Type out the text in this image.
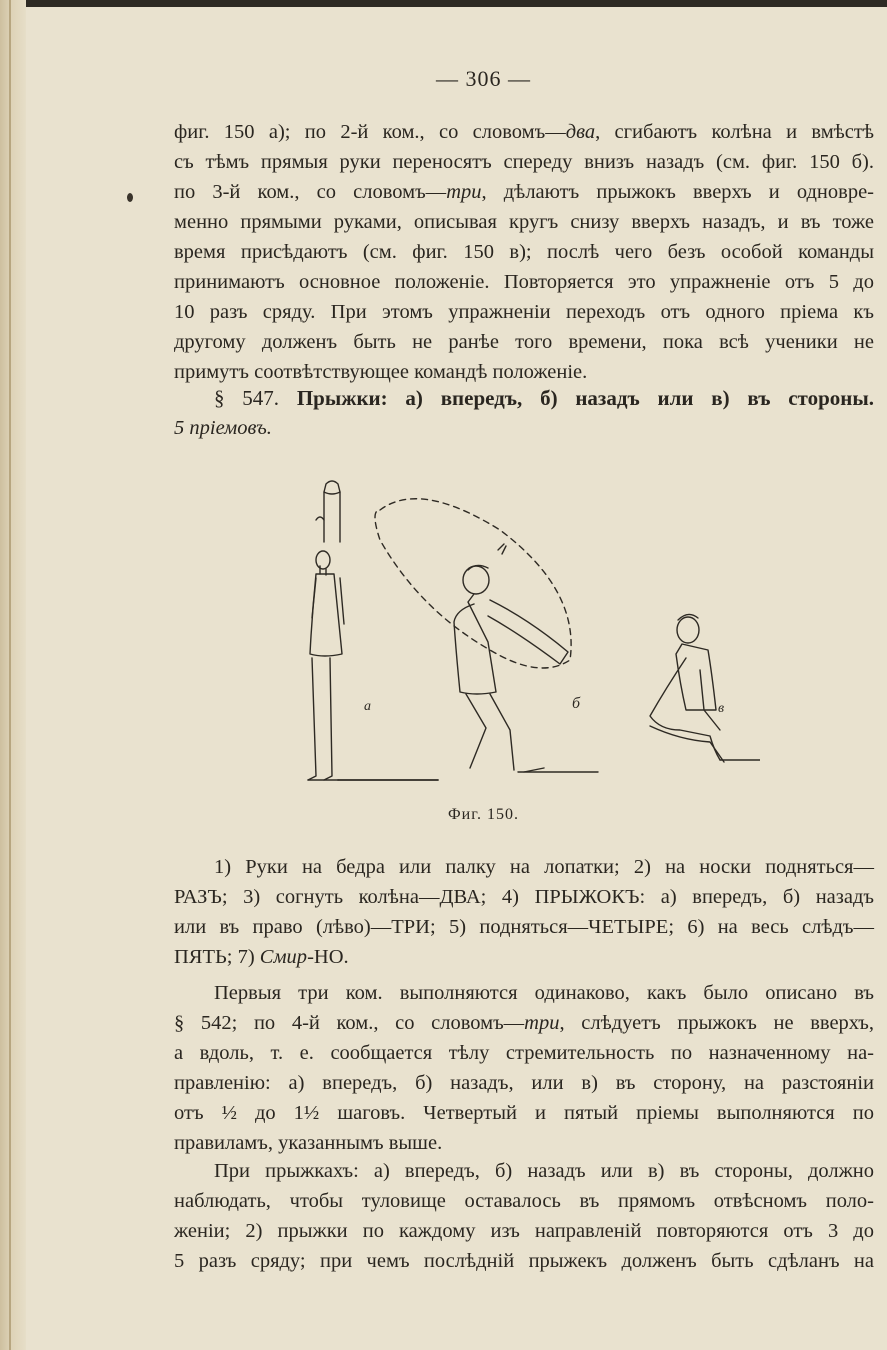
— 306 —
фиг. 150 а); по 2-й ком., со словомъ—два, сгибаютъ колѣна и вмѣстѣ
съ тѣмъ прямыя руки переносятъ спереду внизъ назадъ (см. фиг. 150 б).
по 3-й ком., со словомъ—три, дѣлаютъ прыжокъ вверхъ и одновре-
менно прямыми руками, описывая кругъ снизу вверхъ назадъ, и въ тоже
время присѣдаютъ (см. фиг. 150 в); послѣ чего безъ особой команды
принимаютъ основное положеніе. Повторяется это упражненіе отъ 5 до
10 разъ сряду. При этомъ упражненіи переходъ отъ одного пріема къ
другому долженъ быть не ранѣе того времени, пока всѣ ученики не
примутъ соотвѣтствующее командѣ положеніе.
§ 547. Прыжки: а) впередъ, б) назадъ или в) въ стороны.
5 пріемовъ.
а	б	в
Фиг. 150.
1) Руки на бедра или палку на лопатки; 2) на носки подняться—
РАЗЪ; 3) согнуть колѣна—ДВА; 4) ПРЫЖОКЪ: а) впередъ, б) назадъ
или въ право (лѣво)—ТРИ; 5) подняться—ЧЕТЫРЕ; 6) на весь слѣдъ—
ПЯТЬ; 7) Смир-НО.
Первыя три ком. выполняются одинаково, какъ было описано въ
§ 542; по 4-й ком., со словомъ—три, слѣдуетъ прыжокъ не вверхъ,
а вдоль, т. е. сообщается тѣлу стремительность по назначенному на-
правленію: а) впередъ, б) назадъ, или в) въ сторону, на разстояніи
отъ ½ до 1½ шаговъ. Четвертый и пятый пріемы выполняются по
правиламъ, указаннымъ выше.
При прыжкахъ: а) впередъ, б) назадъ или в) въ стороны, должно
наблюдать, чтобы туловище оставалось въ прямомъ отвѣсномъ поло-
женіи; 2) прыжки по каждому изъ направленій повторяются отъ 3 до
5 разъ сряду; при чемъ послѣдній прыжекъ долженъ быть сдѣланъ на
